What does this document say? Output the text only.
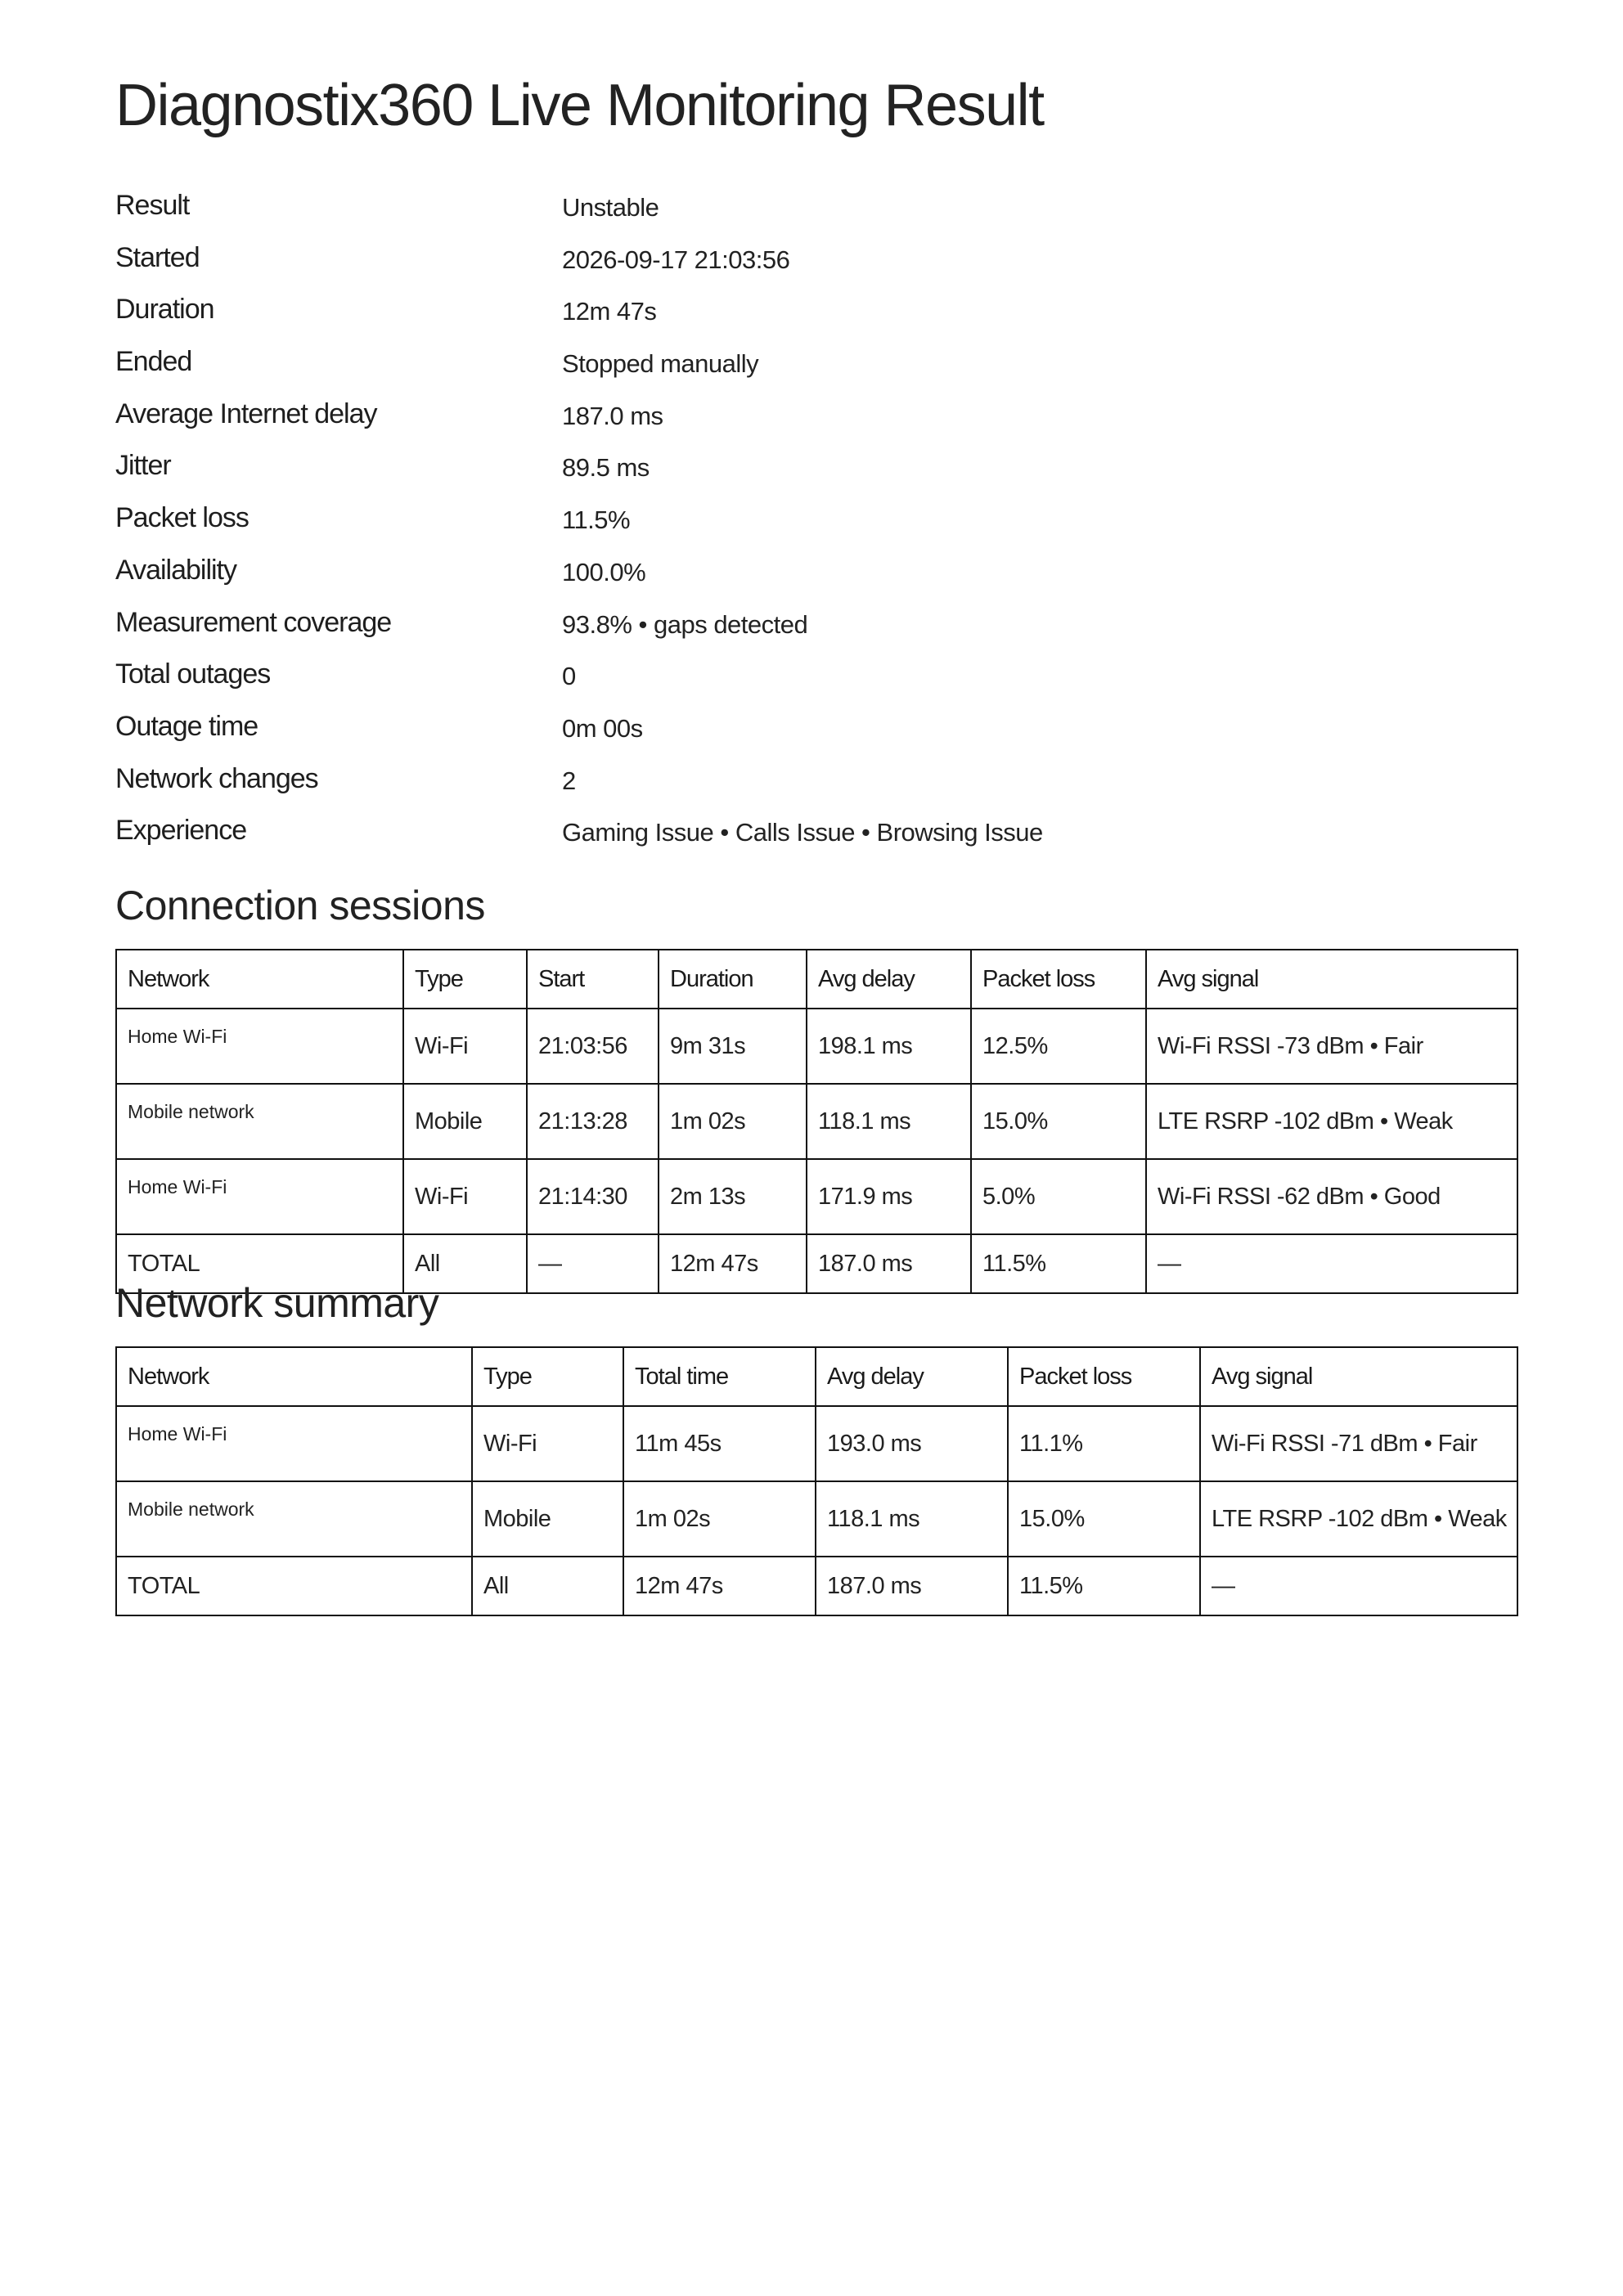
Diagnostix360 Live Monitoring Result
Result	Unstable
Started	2026-09-17 21:03:56
Duration	12m 47s
Ended	Stopped manually
Average Internet delay	187.0 ms
Jitter	89.5 ms
Packet loss	11.5%
Availability	100.0%
Measurement coverage	93.8% • gaps detected
Total outages	0
Outage time	0m 00s
Network changes	2
Experience	Gaming Issue • Calls Issue • Browsing Issue
Connection sessions
Network	Type	Start	Duration	Avg delay	Packet loss	Avg signal
Home Wi-Fi	Wi-Fi	21:03:56	9m 31s	198.1 ms	12.5%	Wi-Fi RSSI -73 dBm • Fair
Mobile network	Mobile	21:13:28	1m 02s	118.1 ms	15.0%	LTE RSRP -102 dBm • Weak
Home Wi-Fi	Wi-Fi	21:14:30	2m 13s	171.9 ms	5.0%	Wi-Fi RSSI -62 dBm • Good
TOTAL	All	—	12m 47s	187.0 ms	11.5%	—
Network summary
Network	Type	Total time	Avg delay	Packet loss	Avg signal
Home Wi-Fi	Wi-Fi	11m 45s	193.0 ms	11.1%	Wi-Fi RSSI -71 dBm • Fair
Mobile network	Mobile	1m 02s	118.1 ms	15.0%	LTE RSRP -102 dBm • Weak
TOTAL	All	12m 47s	187.0 ms	11.5%	—
